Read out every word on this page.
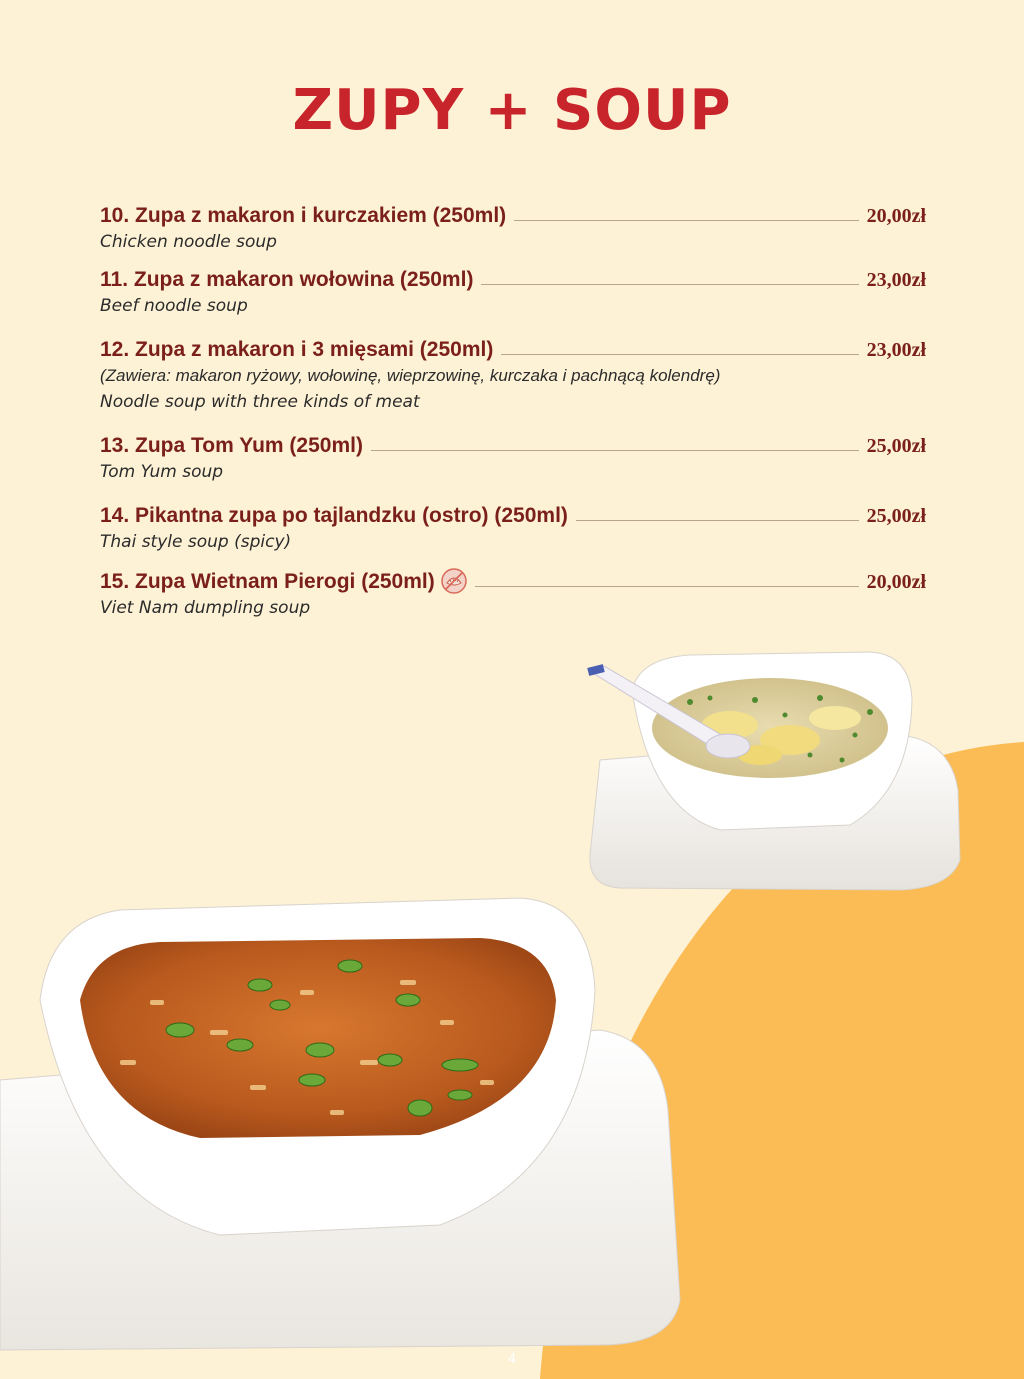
ZUPY + SOUP
10. Zupa z makaron i kurczakiem (250ml)	20,00zł
Chicken noodle soup
11. Zupa z makaron wołowina (250ml)	23,00zł
Beef noodle soup
12. Zupa z makaron i 3 mięsami (250ml)	23,00zł
(Zawiera: makaron ryżowy, wołowinę, wieprzowinę, kurczaka i pachnącą kolendrę)
Noodle soup with three kinds of meat
13. Zupa Tom Yum (250ml)	25,00zł
Tom Yum soup
14. Pikantna zupa po tajlandzku (ostro) (250ml)	25,00zł
Thai style soup (spicy)
15. Zupa Wietnam Pierogi (250ml)	20,00zł
Viet Nam dumpling soup
4
